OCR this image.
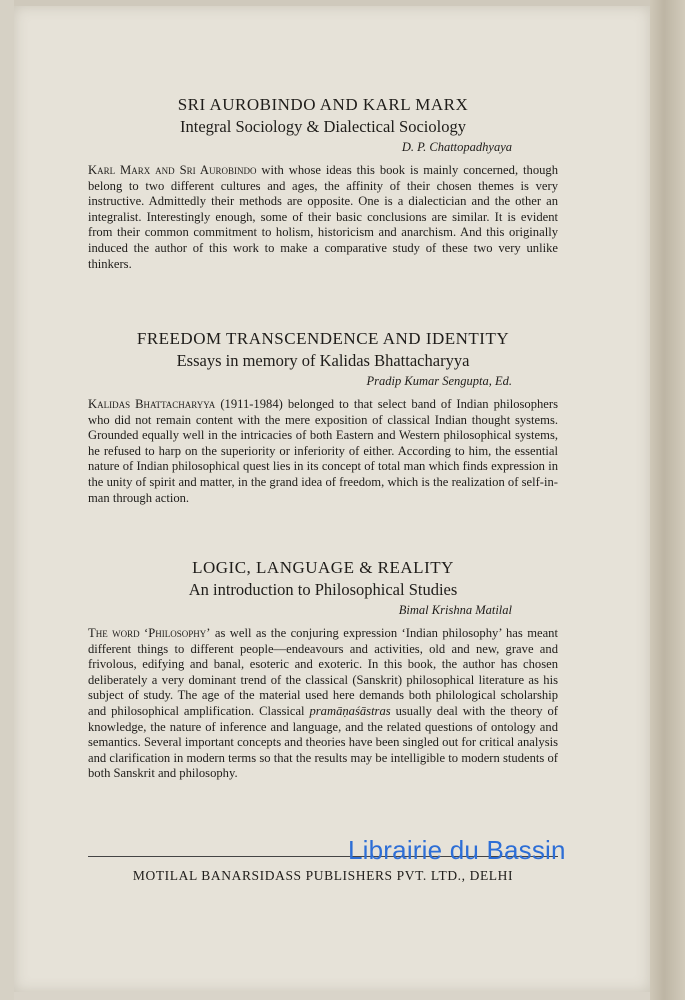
SRI AUROBINDO AND KARL MARX
Integral Sociology & Dialectical Sociology
D. P. Chattopadhyaya
Karl Marx and Sri Aurobindo with whose ideas this book is mainly concerned, though belong to two different cultures and ages, the affinity of their chosen themes is very instructive. Admittedly their methods are opposite. One is a dialectician and the other an integralist. Interestingly enough, some of their basic conclusions are similar. It is evident from their common commitment to holism, historicism and anarchism. And this originally induced the author of this work to make a comparative study of these two very unlike thinkers.
FREEDOM TRANSCENDENCE AND IDENTITY
Essays in memory of Kalidas Bhattacharyya
Pradip Kumar Sengupta, Ed.
Kalidas Bhattacharyya (1911-1984) belonged to that select band of Indian philosophers who did not remain content with the mere exposition of classical Indian thought systems. Grounded equally well in the intricacies of both Eastern and Western philosophical systems, he refused to harp on the superiority or inferiority of either. According to him, the essential nature of Indian philosophical quest lies in its concept of total man which finds expression in the unity of spirit and matter, in the grand idea of freedom, which is the realization of self-in-man through action.
LOGIC, LANGUAGE & REALITY
An introduction to Philosophical Studies
Bimal Krishna Matilal
The word ‘Philosophy’ as well as the conjuring expression ‘Indian philosophy’ has meant different things to different people—endeavours and activities, old and new, grave and frivolous, edifying and banal, esoteric and exoteric. In this book, the author has chosen deliberately a very dominant trend of the classical (Sanskrit) philosophical literature as his subject of study. The age of the material used here demands both philological scholarship and philosophical amplification. Classical pramāṇaśāstras usually deal with the theory of knowledge, the nature of inference and language, and the related questions of ontology and semantics. Several important concepts and theories have been singled out for critical analysis and clarification in modern terms so that the results may be intelligible to modern students of both Sanskrit and philosophy.
MOTILAL BANARSIDASS PUBLISHERS PVT. LTD., DELHI
Librairie du Bassin
